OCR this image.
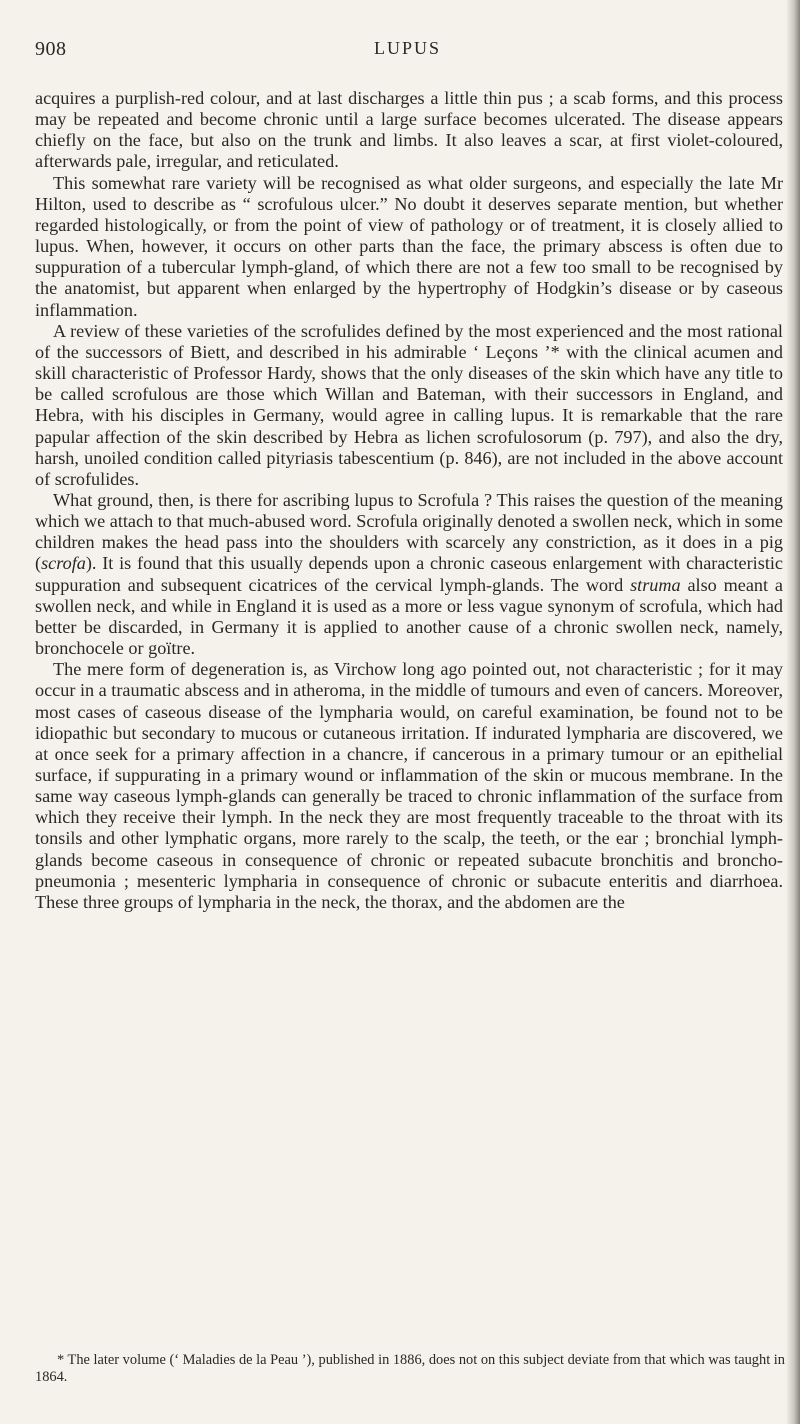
908	LUPUS

acquires a purplish-red colour, and at last discharges a little thin pus ; a scab forms, and this process may be repeated and become chronic until a large surface becomes ulcerated. The disease appears chiefly on the face, but also on the trunk and limbs. It also leaves a scar, at first violet-coloured, afterwards pale, irregular, and reticulated.

This somewhat rare variety will be recognised as what older surgeons, and especially the late Mr Hilton, used to describe as “ scrofulous ulcer.” No doubt it deserves separate mention, but whether regarded histologically, or from the point of view of pathology or of treatment, it is closely allied to lupus. When, however, it occurs on other parts than the face, the primary abscess is often due to suppuration of a tubercular lymph-gland, of which there are not a few too small to be recognised by the anatomist, but apparent when enlarged by the hypertrophy of Hodgkin’s disease or by caseous inflammation.

A review of these varieties of the scrofulides defined by the most experienced and the most rational of the successors of Biett, and described in his admirable ‘ Leçons ’* with the clinical acumen and skill characteristic of Professor Hardy, shows that the only diseases of the skin which have any title to be called scrofulous are those which Willan and Bateman, with their successors in England, and Hebra, with his disciples in Germany, would agree in calling lupus. It is remarkable that the rare papular affection of the skin described by Hebra as lichen scrofulosorum (p. 797), and also the dry, harsh, unoiled condition called pityriasis tabescentium (p. 846), are not included in the above account of scrofulides.

What ground, then, is there for ascribing lupus to Scrofula ? This raises the question of the meaning which we attach to that much-abused word. Scrofula originally denoted a swollen neck, which in some children makes the head pass into the shoulders with scarcely any constriction, as it does in a pig (scrofa). It is found that this usually depends upon a chronic caseous enlargement with characteristic suppuration and subsequent cicatrices of the cervical lymph-glands. The word struma also meant a swollen neck, and while in England it is used as a more or less vague synonym of scrofula, which had better be discarded, in Germany it is applied to another cause of a chronic swollen neck, namely, bronchocele or goïtre.

The mere form of degeneration is, as Virchow long ago pointed out, not characteristic ; for it may occur in a traumatic abscess and in atheroma, in the middle of tumours and even of cancers. Moreover, most cases of caseous disease of the lympharia would, on careful examination, be found not to be idiopathic but secondary to mucous or cutaneous irritation. If indurated lympharia are discovered, we at once seek for a primary affection in a chancre, if cancerous in a primary tumour or an epithelial surface, if suppurating in a primary wound or inflammation of the skin or mucous membrane. In the same way caseous lymph-glands can generally be traced to chronic inflammation of the surface from which they receive their lymph. In the neck they are most frequently traceable to the throat with its tonsils and other lymphatic organs, more rarely to the scalp, the teeth, or the ear ; bronchial lymph-glands become caseous in consequence of chronic or repeated subacute bronchitis and broncho-pneumonia ; mesenteric lympharia in consequence of chronic or subacute enteritis and diarrhoea. These three groups of lympharia in the neck, the thorax, and the abdomen are the

* The later volume (‘ Maladies de la Peau ’), published in 1886, does not on this subject deviate from that which was taught in 1864.
